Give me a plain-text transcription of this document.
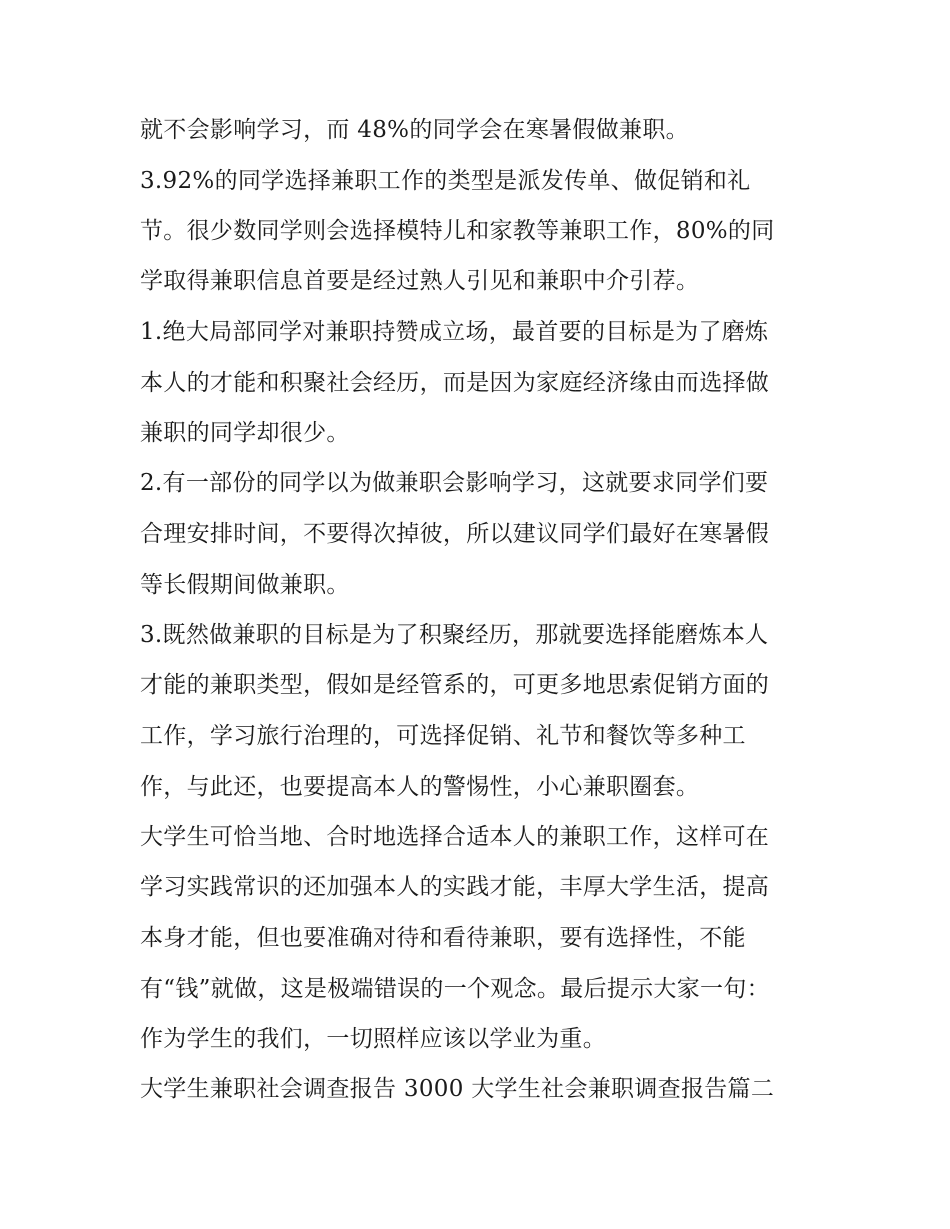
就不会影响学习，而 48%的同学会在寒暑假做兼职。
3.92%的同学选择兼职工作的类型是派发传单、做促销和礼
节。很少数同学则会选择模特儿和家教等兼职工作，80%的同
学取得兼职信息首要是经过熟人引见和兼职中介引荐。
1.绝大局部同学对兼职持赞成立场，最首要的目标是为了磨炼
本人的才能和积聚社会经历，而是因为家庭经济缘由而选择做
兼职的同学却很少。
2.有一部份的同学以为做兼职会影响学习，这就要求同学们要
合理安排时间，不要得次掉彼，所以建议同学们最好在寒暑假
等长假期间做兼职。
3.既然做兼职的目标是为了积聚经历，那就要选择能磨炼本人
才能的兼职类型，假如是经管系的，可更多地思索促销方面的
工作，学习旅行治理的，可选择促销、礼节和餐饮等多种工
作，与此还，也要提高本人的警惕性，小心兼职圈套。
大学生可恰当地、合时地选择合适本人的兼职工作，这样可在
学习实践常识的还加强本人的实践才能，丰厚大学生活，提高
本身才能，但也要准确对待和看待兼职，要有选择性，不能
有“钱”就做，这是极端错误的一个观念。最后提示大家一句：
作为学生的我们，一切照样应该以学业为重。
大学生兼职社会调查报告 3000 大学生社会兼职调查报告篇二
